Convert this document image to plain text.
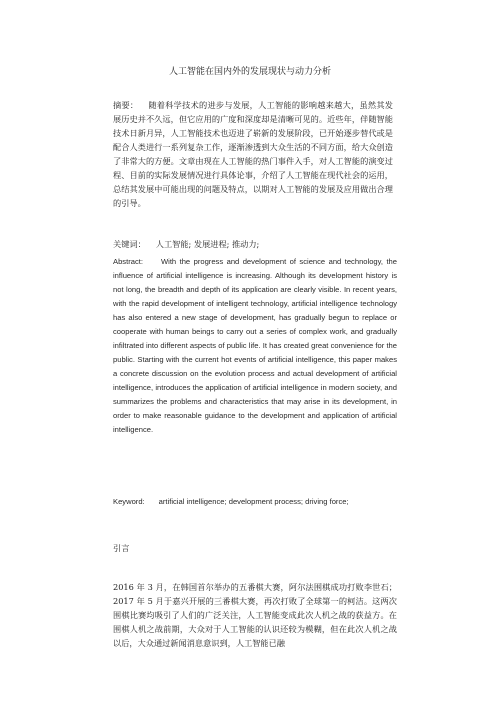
人工智能在国内外的发展现状与动力分析
摘要： 随着科学技术的进步与发展，人工智能的影响越来越大，虽然其发展历史并不久远，但它应用的广度和深度却是清晰可见的。近些年，伴随智能技术日新月异，人工智能技术也迈进了崭新的发展阶段，已开始逐步替代或是配合人类进行一系列复杂工作，逐渐渗透到大众生活的不同方面，给大众创造了非常大的方便。文章由现在人工智能的热门事件入手，对人工智能的演变过程、目前的实际发展情况进行具体论事，介绍了人工智能在现代社会的运用，总结其发展中可能出现的问题及特点，以期对人工智能的发展及应用做出合理的引导。
关键词： 人工智能; 发展进程; 推动力;
Abstract: With the progress and development of science and technology, the influence of artificial intelligence is increasing. Although its development history is not long, the breadth and depth of its application are clearly visible. In recent years, with the rapid development of intelligent technology, artificial intelligence technology has also entered a new stage of development, has gradually begun to replace or cooperate with human beings to carry out a series of complex work, and gradually infiltrated into different aspects of public life. It has created great convenience for the public. Starting with the current hot events of artificial intelligence, this paper makes a concrete discussion on the evolution process and actual development of artificial intelligence, introduces the application of artificial intelligence in modern society, and summarizes the problems and characteristics that may arise in its development, in order to make reasonable guidance to the development and application of artificial intelligence.
Keyword: artificial intelligence; development process; driving force;
引言
2016 年 3 月，在韩国首尔举办的五番棋大赛，阿尔法围棋成功打败李世石；2017 年 5 月于嘉兴开展的三番棋大赛，再次打败了全球第一的柯洁。这两次围棋比赛均吸引了人们的广泛关注，人工智能变成此次人机之战的获益方。在围棋人机之战前期，大众对于人工智能的认识还较为模糊，但在此次人机之战以后，大众通过新闻消息意识到，人工智能已融
